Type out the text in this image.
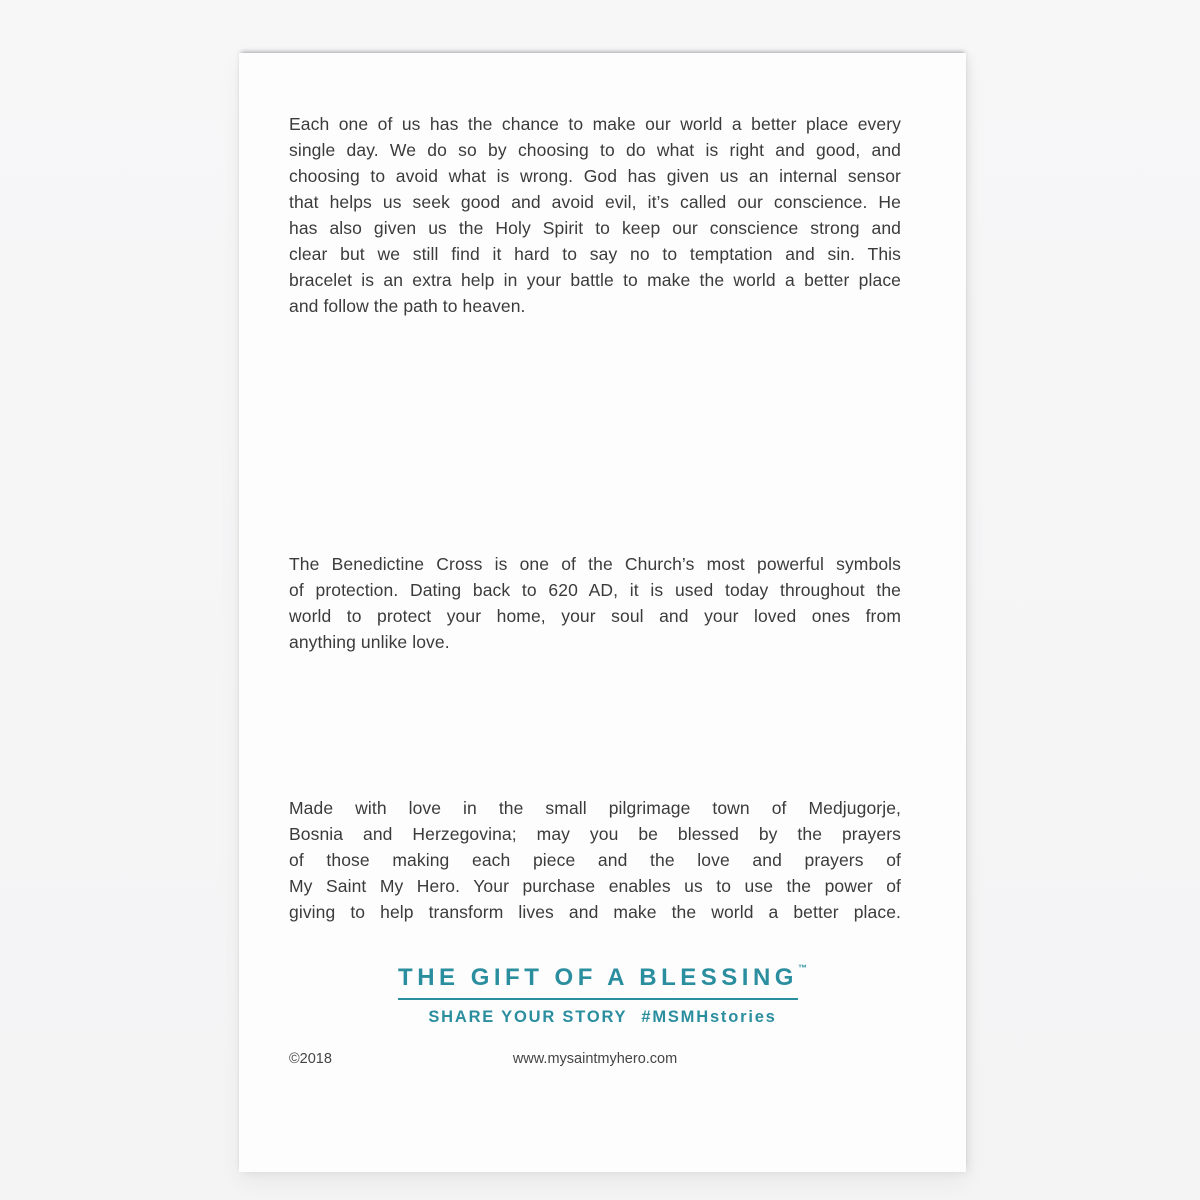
Each one of us has the chance to make our world a better place every
single day. We do so by choosing to do what is right and good, and
choosing to avoid what is wrong. God has given us an internal sensor
that helps us seek good and avoid evil, it’s called our conscience. He
has also given us the Holy Spirit to keep our conscience strong and
clear but we still find it hard to say no to temptation and sin. This
bracelet is an extra help in your battle to make the world a better place
and follow the path to heaven.
The Benedictine Cross is one of the Church’s most powerful symbols
of protection. Dating back to 620 AD, it is used today throughout the
world to protect your home, your soul and your loved ones from
anything unlike love.
Made with love in the small pilgrimage town of Medjugorje,
Bosnia and Herzegovina; may you be blessed by the prayers
of those making each piece and the love and prayers of
My Saint My Hero. Your purchase enables us to use the power of
giving to help transform lives and make the world a better place.
THE GIFT OF A BLESSING™
SHARE YOUR STORY #MSMHstories
©2018	www.mysaintmyhero.com
